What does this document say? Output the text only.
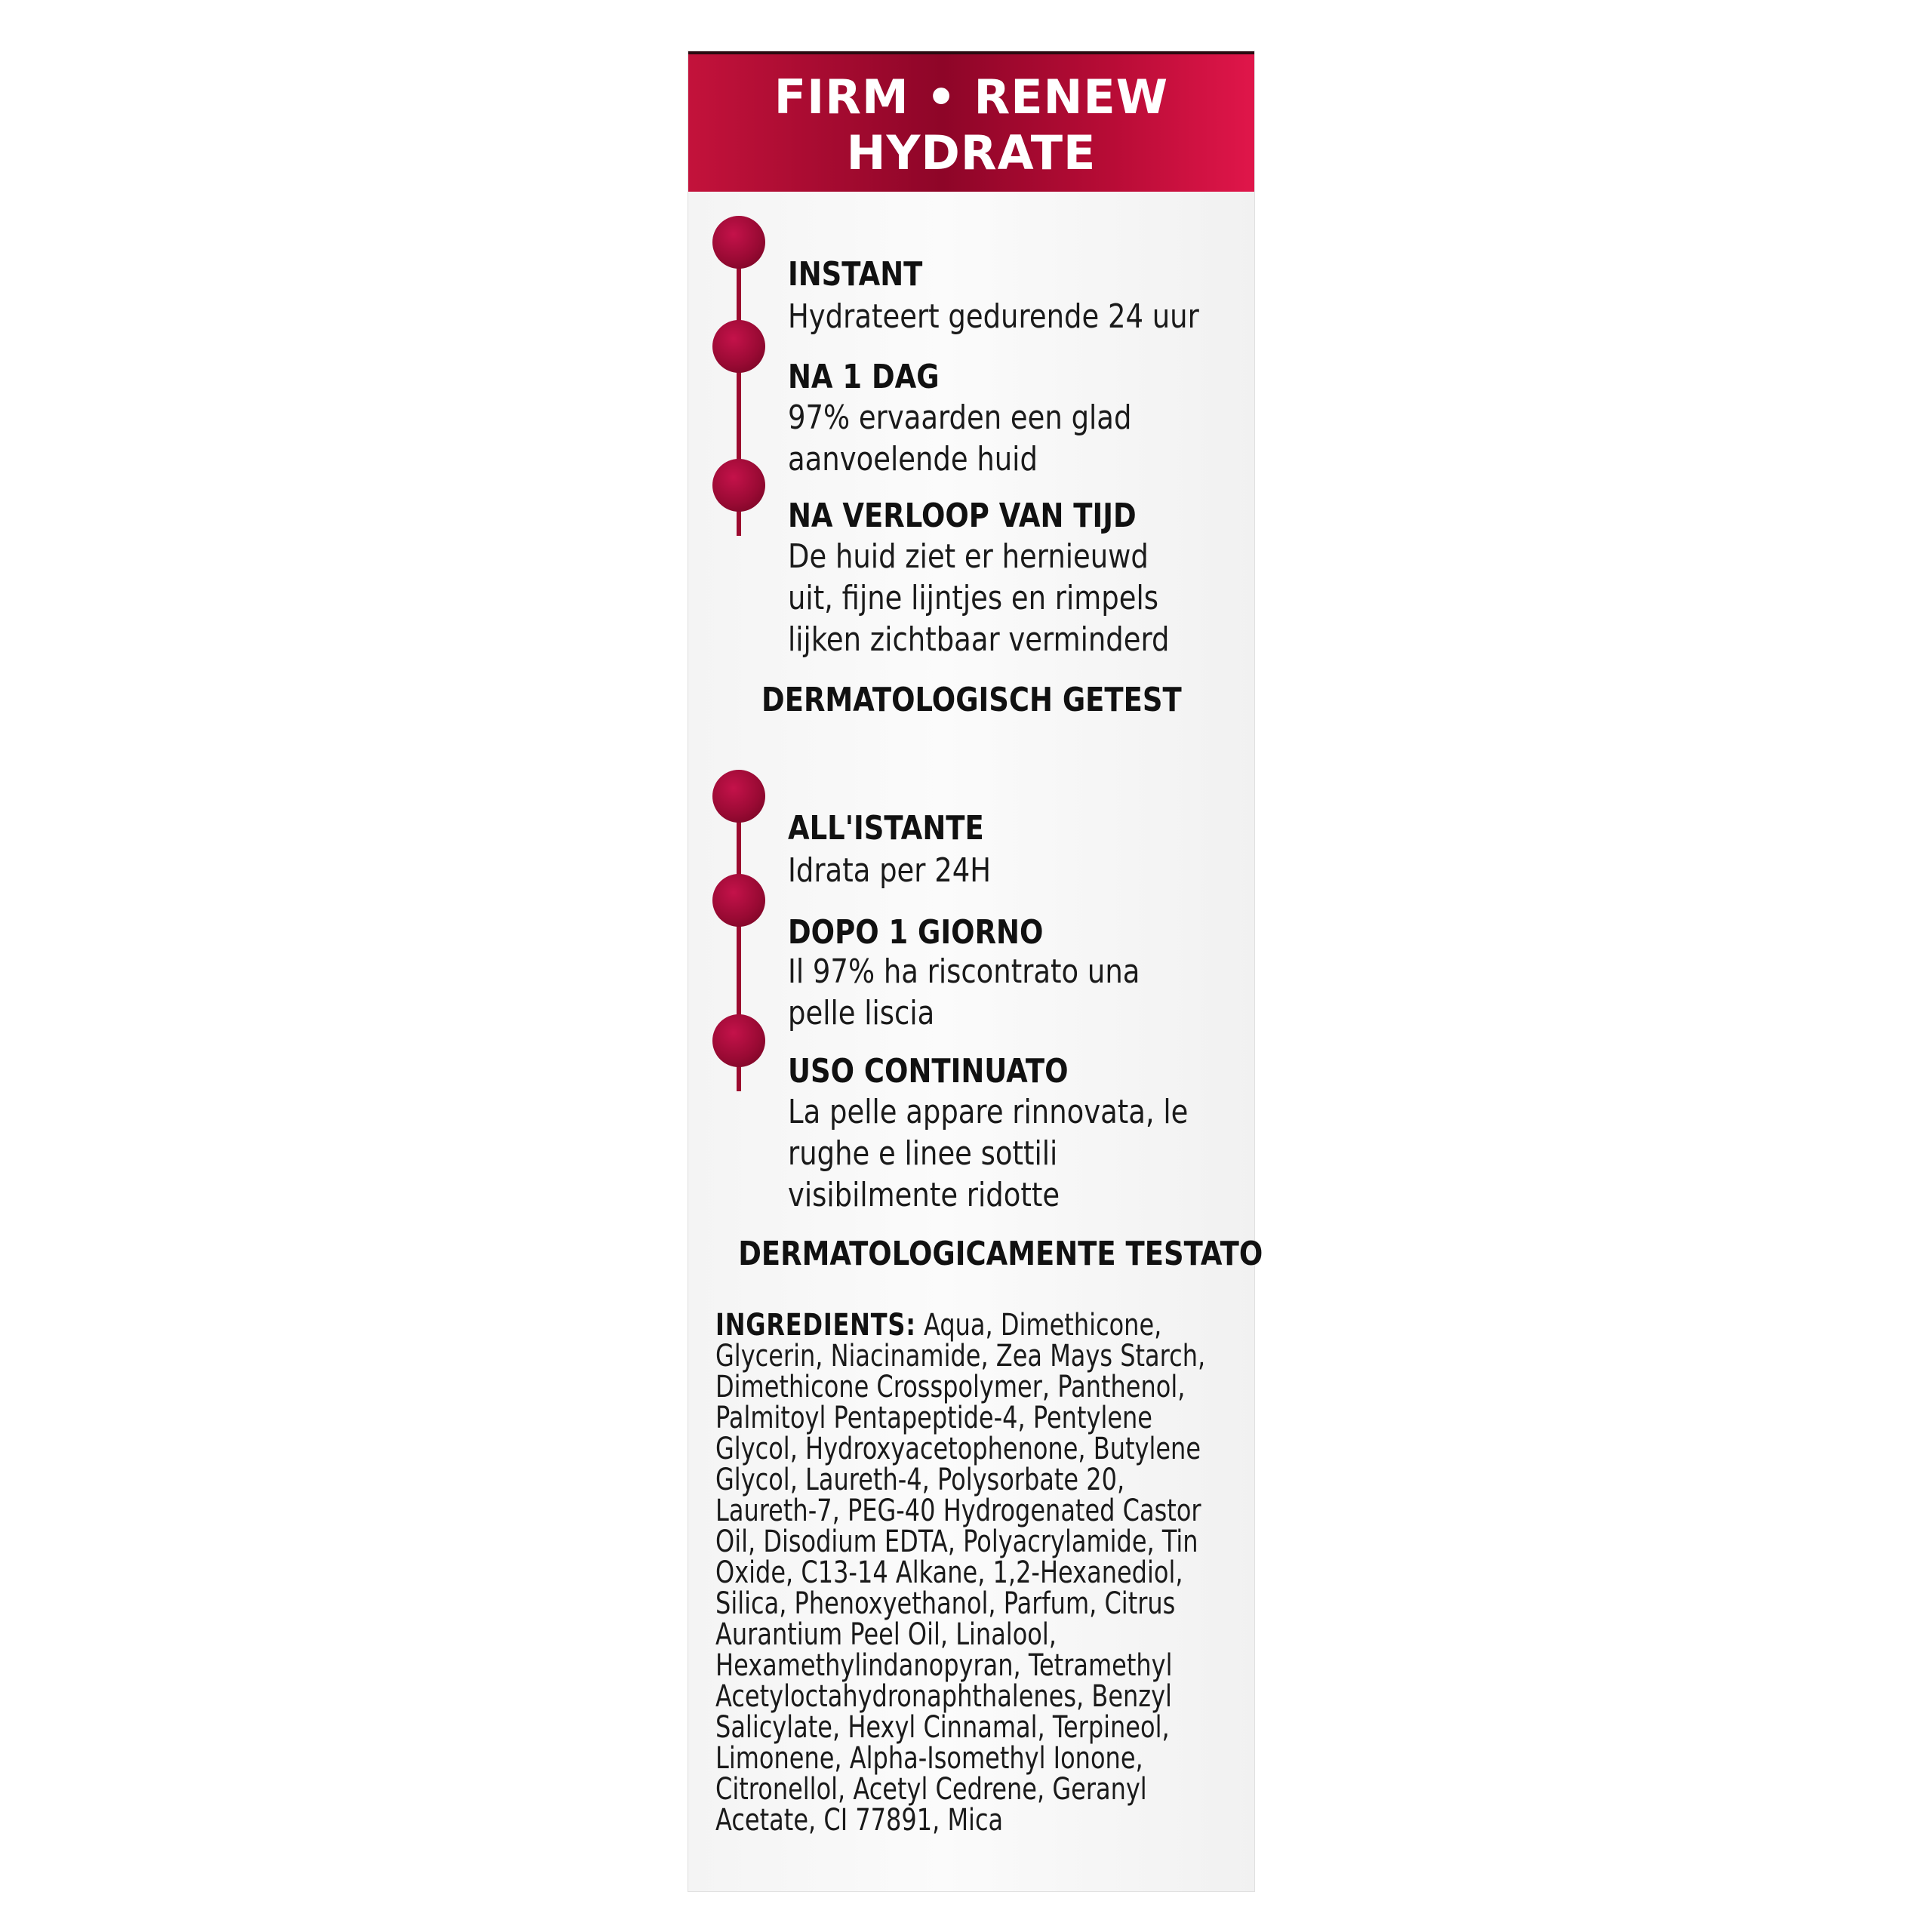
FIRM • RENEW
HYDRATE
INSTANT
Hydrateert gedurende 24 uur
NA 1 DAG
97% ervaarden een glad
aanvoelende huid
NA VERLOOP VAN TIJD
De huid ziet er hernieuwd
uit, fijne lijntjes en rimpels
lijken zichtbaar verminderd
DERMATOLOGISCH GETEST
ALL'ISTANTE
Idrata per 24H
DOPO 1 GIORNO
Il 97% ha riscontrato una
pelle liscia
USO CONTINUATO
La pelle appare rinnovata, le
rughe e linee sottili
visibilmente ridotte
DERMATOLOGICAMENTE TESTATO
INGREDIENTS: Aqua, Dimethicone, Glycerin, Niacinamide, Zea Mays Starch, Dimethicone Crosspolymer, Panthenol, Palmitoyl Pentapeptide-4, Pentylene Glycol, Hydroxyacetophenone, Butylene Glycol, Laureth-4, Polysorbate 20, Laureth-7, PEG-40 Hydrogenated Castor Oil, Disodium EDTA, Polyacrylamide, Tin Oxide, C13-14 Alkane, 1,2-Hexanediol, Silica, Phenoxyethanol, Parfum, Citrus Aurantium Peel Oil, Linalool, Hexamethylindanopyran, Tetramethyl Acetyloctahydronaphthalenes, Benzyl Salicylate, Hexyl Cinnamal, Terpineol, Limonene, Alpha-Isomethyl Ionone, Citronellol, Acetyl Cedrene, Geranyl Acetate, CI 77891, Mica
